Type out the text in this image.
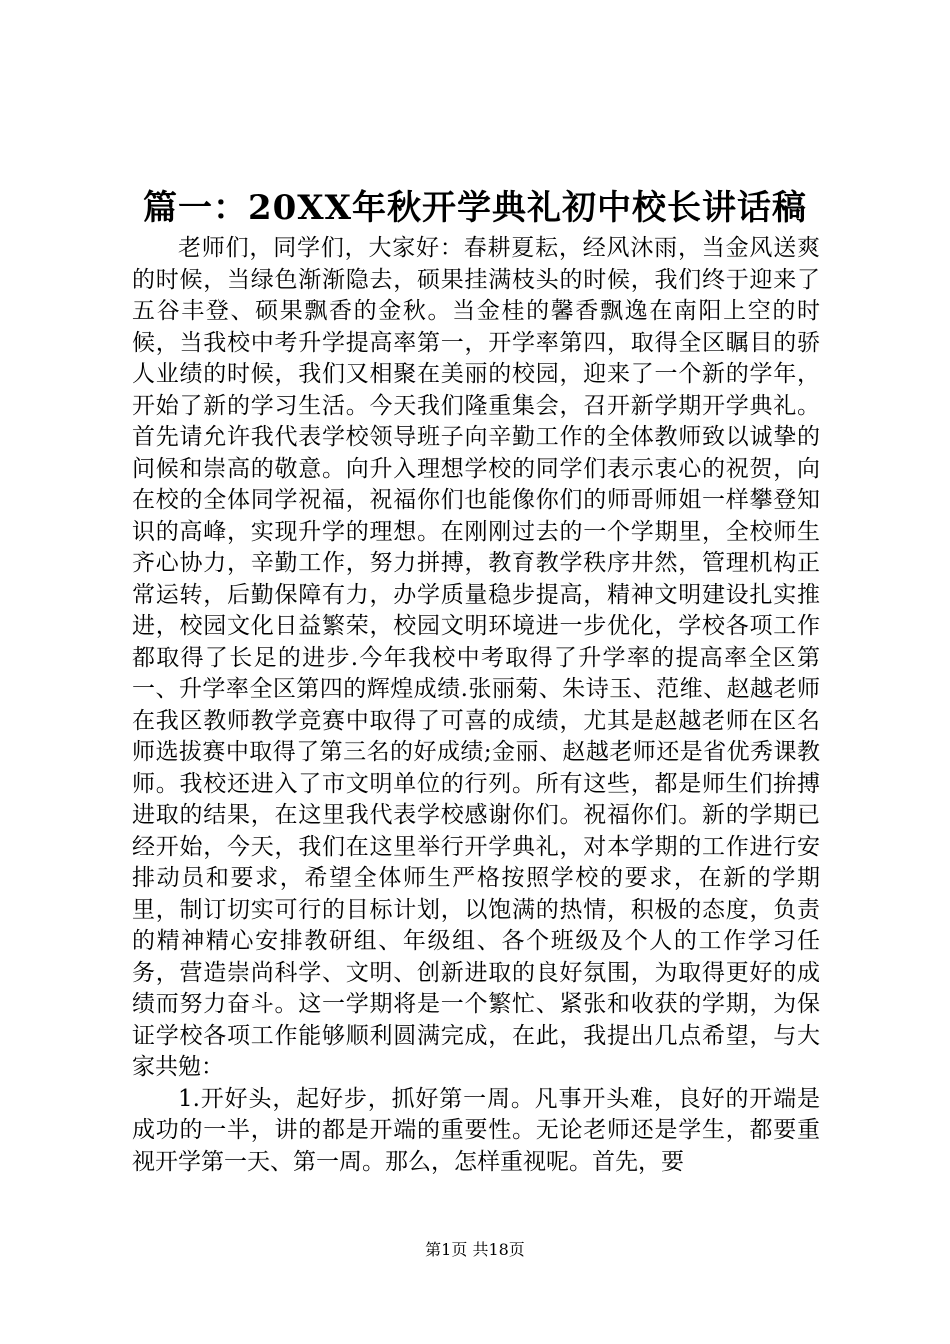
篇一：20XX年秋开学典礼初中校长讲话稿

老师们，同学们，大家好：春耕夏耘，经风沐雨，当金风送爽的时候，当绿色渐渐隐去，硕果挂满枝头的时候，我们终于迎来了五谷丰登、硕果飘香的金秋。当金桂的馨香飘逸在南阳上空的时候，当我校中考升学提高率第一，开学率第四，取得全区瞩目的骄人业绩的时候，我们又相聚在美丽的校园，迎来了一个新的学年，开始了新的学习生活。今天我们隆重集会，召开新学期开学典礼。首先请允许我代表学校领导班子向辛勤工作的全体教师致以诚挚的问候和崇高的敬意。向升入理想学校的同学们表示衷心的祝贺，向在校的全体同学祝福，祝福你们也能像你们的师哥师姐一样攀登知识的高峰，实现升学的理想。在刚刚过去的一个学期里，全校师生齐心协力，辛勤工作，努力拼搏，教育教学秩序井然，管理机构正常运转，后勤保障有力，办学质量稳步提高，精神文明建设扎实推进，校园文化日益繁荣，校园文明环境进一步优化，学校各项工作都取得了长足的进步.今年我校中考取得了升学率的提高率全区第一、升学率全区第四的辉煌成绩.张丽菊、朱诗玉、范维、赵越老师在我区教师教学竞赛中取得了可喜的成绩，尤其是赵越老师在区名师选拔赛中取得了第三名的好成绩;金丽、赵越老师还是省优秀课教师。我校还进入了市文明单位的行列。所有这些，都是师生们拚搏进取的结果，在这里我代表学校感谢你们。祝福你们。新的学期已经开始，今天，我们在这里举行开学典礼，对本学期的工作进行安排动员和要求，希望全体师生严格按照学校的要求，在新的学期里，制订切实可行的目标计划，以饱满的热情，积极的态度，负责的精神精心安排教研组、年级组、各个班级及个人的工作学习任务，营造崇尚科学、文明、创新进取的良好氛围，为取得更好的成绩而努力奋斗。这一学期将是一个繁忙、紧张和收获的学期，为保证学校各项工作能够顺利圆满完成，在此，我提出几点希望，与大家共勉：

1.开好头，起好步，抓好第一周。凡事开头难，良好的开端是成功的一半，讲的都是开端的重要性。无论老师还是学生，都要重视开学第一天、第一周。那么，怎样重视呢。首先，要

第1页 共18页
